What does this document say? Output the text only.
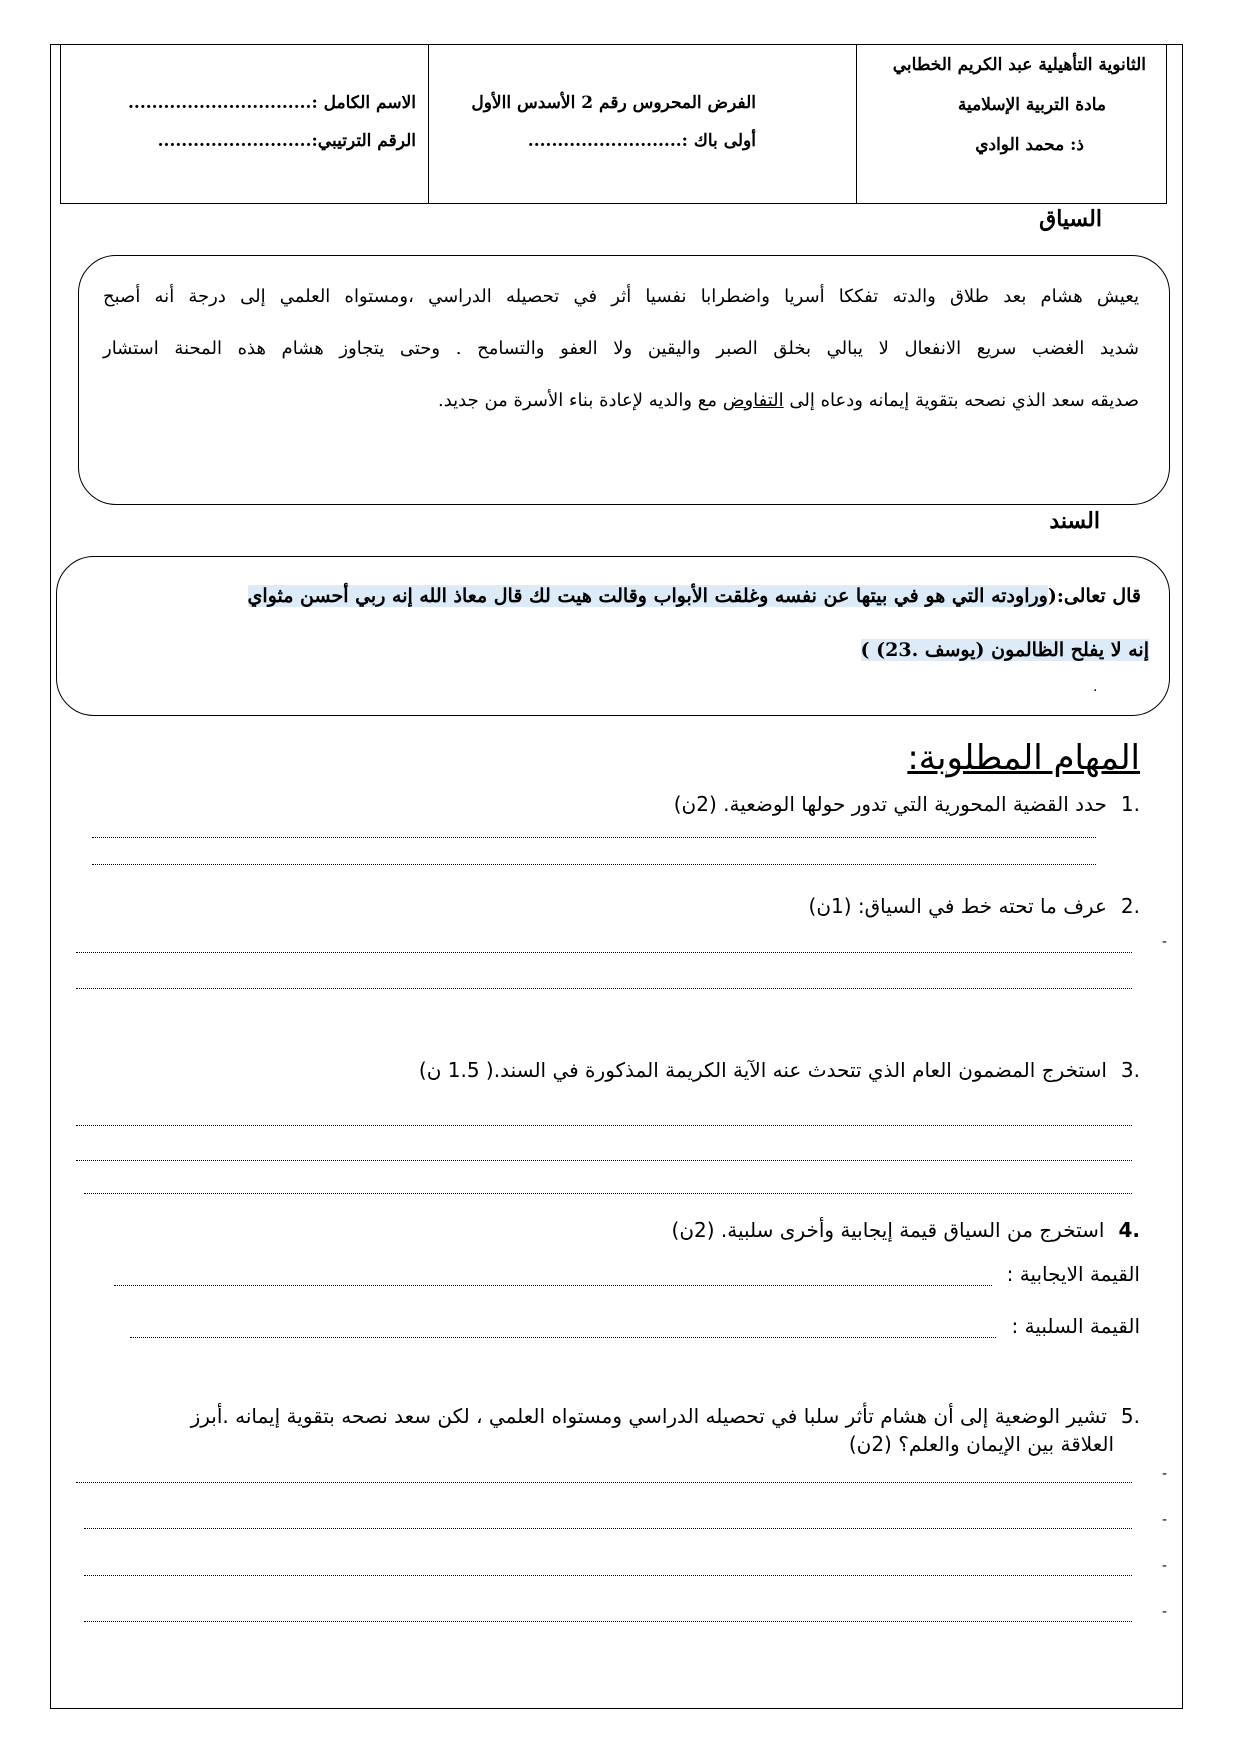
الثانوية التأهيلية عبد الكريم الخطابي
مادة التربية الإسلامية
ذ: محمد الوادي
الفرض المحروس رقم 2 الأسدس االأول
أولى باك :..........................
الاسم الكامل :...............................
الرقم الترتيبي:..........................
السياق
يعيش هشام بعد طلاق والدته تفككا أسريا واضطرابا نفسيا أثر في تحصيله الدراسي ،ومستواه العلمي إلى درجة أنه أصبح
شديد الغضب سريع الانفعال لا يبالي بخلق الصبر واليقين ولا العفو والتسامح . وحتى يتجاوز هشام هذه المحنة استشار
صديقه سعد الذي نصحه بتقوية إيمانه ودعاه إلى التفاوض مع والديه لإعادة بناء الأسرة من جديد.
السند
قال تعالى:(وراودته التي هو في بيتها عن نفسه وغلقت الأبواب وقالت هيت لك قال معاذ الله إنه ربي أحسن مثواي
إنه لا يفلح الظالمون (يوسف .23) )
.
المهام المطلوبة:
.1حدد القضية المحورية التي تدور حولها الوضعية. (2ن)
.2عرف ما تحته خط في السياق: (1ن)
-
.3استخرج المضمون العام الذي تتحدث عنه الآية الكريمة المذكورة في السند.( 1.5 ن)
.4استخرج من السياق قيمة إيجابية وأخرى سلبية. (2ن)
القيمة الايجابية :
القيمة السلبية :
.5تشير الوضعية إلى أن هشام تأثر سلبا في تحصيله الدراسي ومستواه العلمي ، لكن سعد نصحه بتقوية إيمانه .أبرز
العلاقة بين الإيمان والعلم؟ (2ن)
-
-
-
-
